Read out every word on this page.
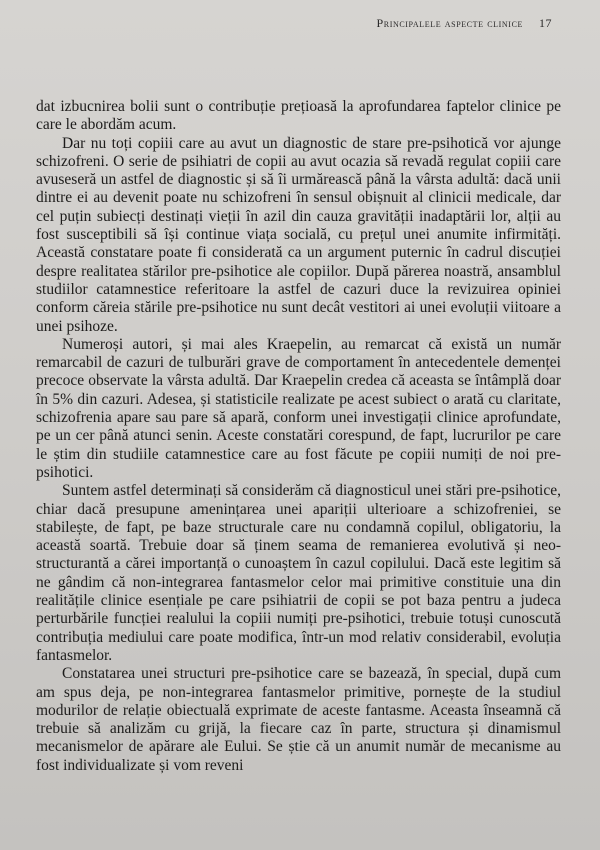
Principalele aspecte clinice 17

dat izbucnirea bolii sunt o contribuție prețioasă la aprofundarea faptelor clinice pe care le abordăm acum.

Dar nu toți copiii care au avut un diagnostic de stare pre-psihotică vor ajunge schizofreni. O serie de psihiatri de copii au avut ocazia să revadă regulat copiii care avuseseră un astfel de diagnostic și să îi urmărească până la vârsta adultă: dacă unii dintre ei au devenit poate nu schizofreni în sensul obișnuit al clinicii medicale, dar cel puțin subiecți destinați vieții în azil din cauza gravității inadaptării lor, alții au fost susceptibili să își continue viața socială, cu prețul unei anumite infirmități. Această constatare poate fi considerată ca un argument puternic în cadrul discuției despre realitatea stărilor pre-psihotice ale copiilor. După părerea noastră, ansamblul studiilor catamnestice referitoare la astfel de cazuri duce la revizuirea opiniei conform căreia stările pre-psihotice nu sunt decât vestitori ai unei evoluții viitoare a unei psihoze.

Numeroși autori, și mai ales Kraepelin, au remarcat că există un număr remarcabil de cazuri de tulburări grave de comportament în antecedentele demenței precoce observate la vârsta adultă. Dar Kraepelin credea că aceasta se întâmplă doar în 5% din cazuri. Adesea, și statisticile realizate pe acest subiect o arată cu claritate, schizofrenia apare sau pare să apară, conform unei investigații clinice aprofundate, pe un cer până atunci senin. Aceste constatări corespund, de fapt, lucrurilor pe care le știm din studiile catamnestice care au fost făcute pe copiii numiți de noi pre-psihotici.

Suntem astfel determinați să considerăm că diagnosticul unei stări pre-psihotice, chiar dacă presupune amenințarea unei apariții ulterioare a schizofreniei, se stabilește, de fapt, pe baze structurale care nu condamnă copilul, obligatoriu, la această soartă. Trebuie doar să ținem seama de remanierea evolutivă și neo-structurantă a cărei importanță o cunoaștem în cazul copilului. Dacă este legitim să ne gândim că non-integrarea fantasmelor celor mai primitive constituie una din realitățile clinice esențiale pe care psihiatrii de copii se pot baza pentru a judeca perturbările funcției realului la copiii numiți pre-psihotici, trebuie totuși cunoscută contribuția mediului care poate modifica, într-un mod relativ considerabil, evoluția fantasmelor.

Constatarea unei structuri pre-psihotice care se bazează, în special, după cum am spus deja, pe non-integrarea fantasmelor primitive, pornește de la studiul modurilor de relație obiectuală exprimate de aceste fantasme. Aceasta înseamnă că trebuie să analizăm cu grijă, la fiecare caz în parte, structura și dinamismul mecanismelor de apărare ale Eului. Se știe că un anumit număr de mecanisme au fost individualizate și vom reveni
